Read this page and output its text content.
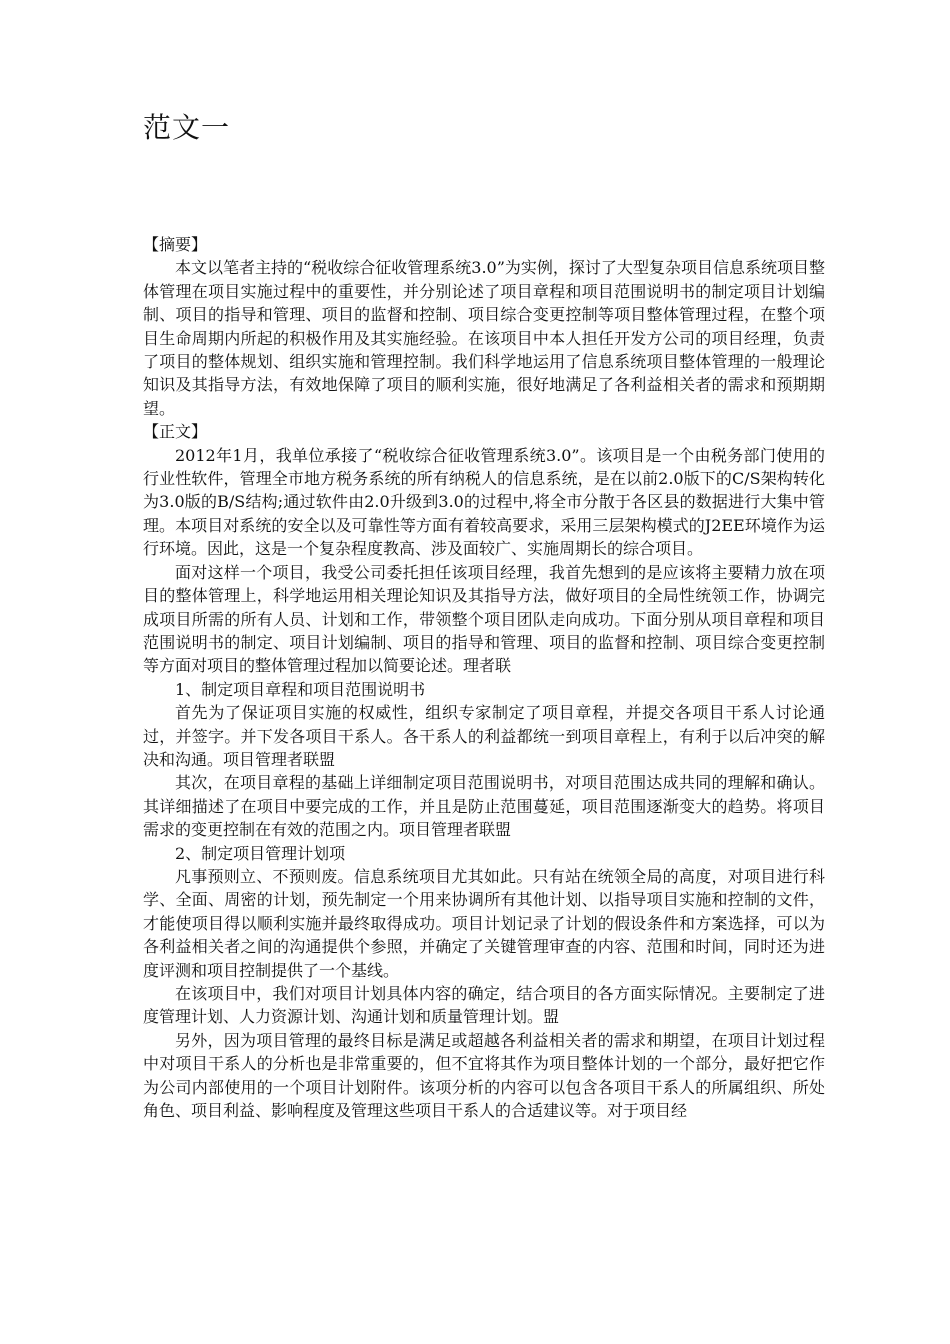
范文一

【摘要】

本文以笔者主持的“税收综合征收管理系统3.0”为实例，探讨了大型复杂项目信息系统项目整体管理在项目实施过程中的重要性，并分别论述了项目章程和项目范围说明书的制定项目计划编制、项目的指导和管理、项目的监督和控制、项目综合变更控制等项目整体管理过程，在整个项目生命周期内所起的积极作用及其实施经验。在该项目中本人担任开发方公司的项目经理，负责了项目的整体规划、组织实施和管理控制。我们科学地运用了信息系统项目整体管理的一般理论知识及其指导方法，有效地保障了项目的顺利实施，很好地满足了各利益相关者的需求和预期期望。

【正文】

2012年1月，我单位承接了“税收综合征收管理系统3.0”。该项目是一个由税务部门使用的行业性软件，管理全市地方税务系统的所有纳税人的信息系统，是在以前2.0版下的C/S架构转化为3.0版的B/S结构;通过软件由2.0升级到3.0的过程中,将全市分散于各区县的数据进行大集中管理。本项目对系统的安全以及可靠性等方面有着较高要求，采用三层架构模式的J2EE环境作为运行环境。因此，这是一个复杂程度教高、涉及面较广、实施周期长的综合项目。

面对这样一个项目，我受公司委托担任该项目经理，我首先想到的是应该将主要精力放在项目的整体管理上，科学地运用相关理论知识及其指导方法，做好项目的全局性统领工作，协调完成项目所需的所有人员、计划和工作，带领整个项目团队走向成功。下面分别从项目章程和项目范围说明书的制定、项目计划编制、项目的指导和管理、项目的监督和控制、项目综合变更控制等方面对项目的整体管理过程加以简要论述。理者联

1、制定项目章程和项目范围说明书

首先为了保证项目实施的权威性，组织专家制定了项目章程，并提交各项目干系人讨论通过，并签字。并下发各项目干系人。各干系人的利益都统一到项目章程上，有利于以后冲突的解决和沟通。项目管理者联盟

其次，在项目章程的基础上详细制定项目范围说明书，对项目范围达成共同的理解和确认。其详细描述了在项目中要完成的工作，并且是防止范围蔓延，项目范围逐渐变大的趋势。将项目需求的变更控制在有效的范围之内。项目管理者联盟

2、制定项目管理计划项

凡事预则立、不预则废。信息系统项目尤其如此。只有站在统领全局的高度，对项目进行科学、全面、周密的计划，预先制定一个用来协调所有其他计划、以指导项目实施和控制的文件，才能使项目得以顺利实施并最终取得成功。项目计划记录了计划的假设条件和方案选择，可以为各利益相关者之间的沟通提供个参照，并确定了关键管理审查的内容、范围和时间，同时还为进度评测和项目控制提供了一个基线。

在该项目中，我们对项目计划具体内容的确定，结合项目的各方面实际情况。主要制定了进度管理计划、人力资源计划、沟通计划和质量管理计划。盟

另外，因为项目管理的最终目标是满足或超越各利益相关者的需求和期望，在项目计划过程中对项目干系人的分析也是非常重要的，但不宜将其作为项目整体计划的一个部分，最好把它作为公司内部使用的一个项目计划附件。该项分析的内容可以包含各项目干系人的所属组织、所处角色、项目利益、影响程度及管理这些项目干系人的合适建议等。对于项目经
